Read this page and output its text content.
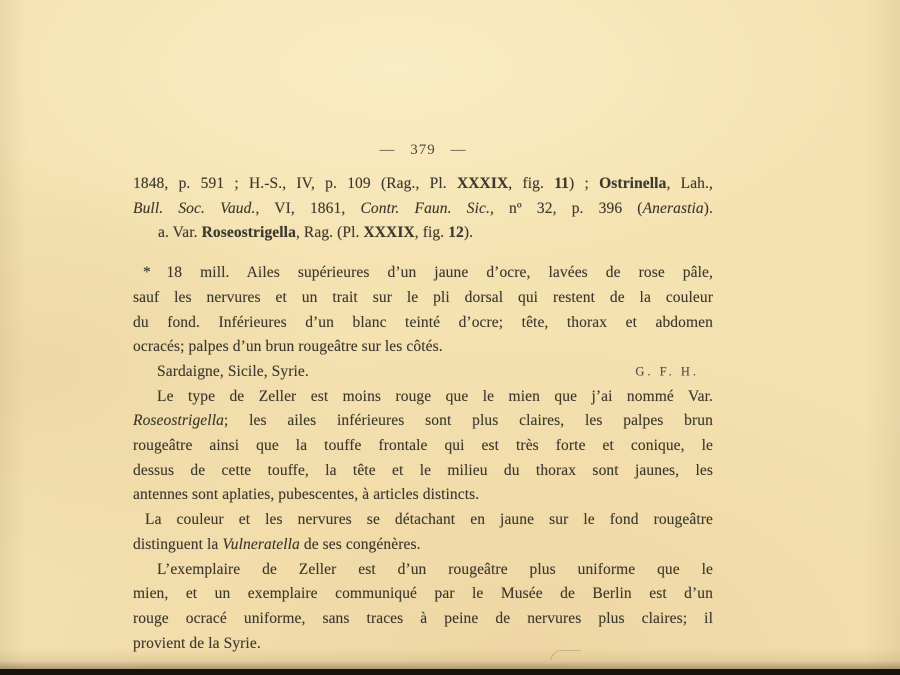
— 379 —
1848, p. 591 ; H.-S., IV, p. 109 (Rag., Pl. XXXIX, fig. 11) ; Ostrinella, Lah.,
Bull. Soc. Vaud., VI, 1861, Contr. Faun. Sic., nº 32, p. 396 (Anerastia).
a. Var. Roseostrigella, Rag. (Pl. XXXIX, fig. 12).
* 18 mill. Ailes supérieures d’un jaune d’ocre, lavées de rose pâle,
sauf les nervures et un trait sur le pli dorsal qui restent de la couleur
du fond. Inférieures d’un blanc teinté d’ocre; tête, thorax et abdomen
ocracés; palpes d’un brun rougeâtre sur les côtés.
Sardaigne, Sicile, Syrie.	G. F. H.
Le type de Zeller est moins rouge que le mien que j’ai nommé Var.
Roseostrigella; les ailes inférieures sont plus claires, les palpes brun
rougeâtre ainsi que la touffe frontale qui est très forte et conique, le
dessus de cette touffe, la tête et le milieu du thorax sont jaunes, les
antennes sont aplaties, pubescentes, à articles distincts.
La couleur et les nervures se détachant en jaune sur le fond rougeâtre
distinguent la Vulneratella de ses congénères.
L’exemplaire de Zeller est d’un rougeâtre plus uniforme que le
mien, et un exemplaire communiqué par le Musée de Berlin est d’un
rouge ocracé uniforme, sans traces à peine de nervures plus claires; il
provient de la Syrie.
